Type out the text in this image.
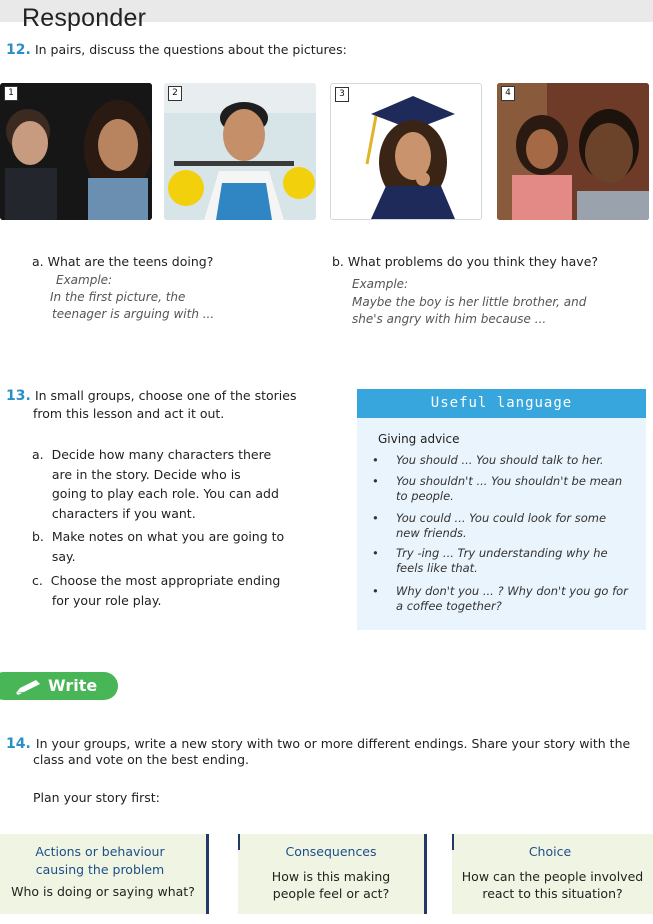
Responder
12. In pairs, discuss the questions about the pictures:
1	2	3	4
a. What are the teens doing?
Example:
In the first picture, the
teenager is arguing with ...
b. What problems do you think they have?
Example:
Maybe the boy is her little brother, and
she's angry with him because ...
13. In small groups, choose one of the stories
from this lesson and act it out.
a.  Decide how many characters there
are in the story. Decide who is
going to play each role. You can add
characters if you want.
b.  Make notes on what you are going to
say.
c.  Choose the most appropriate ending
for your role play.
Useful language
Giving advice
• You should ... You should talk to her.
• You shouldn't ... You shouldn't be mean
to people.
• You could ... You could look for some
new friends.
• Try -ing ... Try understanding why he
feels like that.
• Why don't you ... ? Why don't you go for
a coffee together?
Write
14. In your groups, write a new story with two or more different endings. Share your story with the
class and vote on the best ending.
Plan your story first:
Actions or behaviour
causing the problem
Who is doing or saying what?
Consequences
How is this making
people feel or act?
Choice
How can the people involved
react to this situation?
